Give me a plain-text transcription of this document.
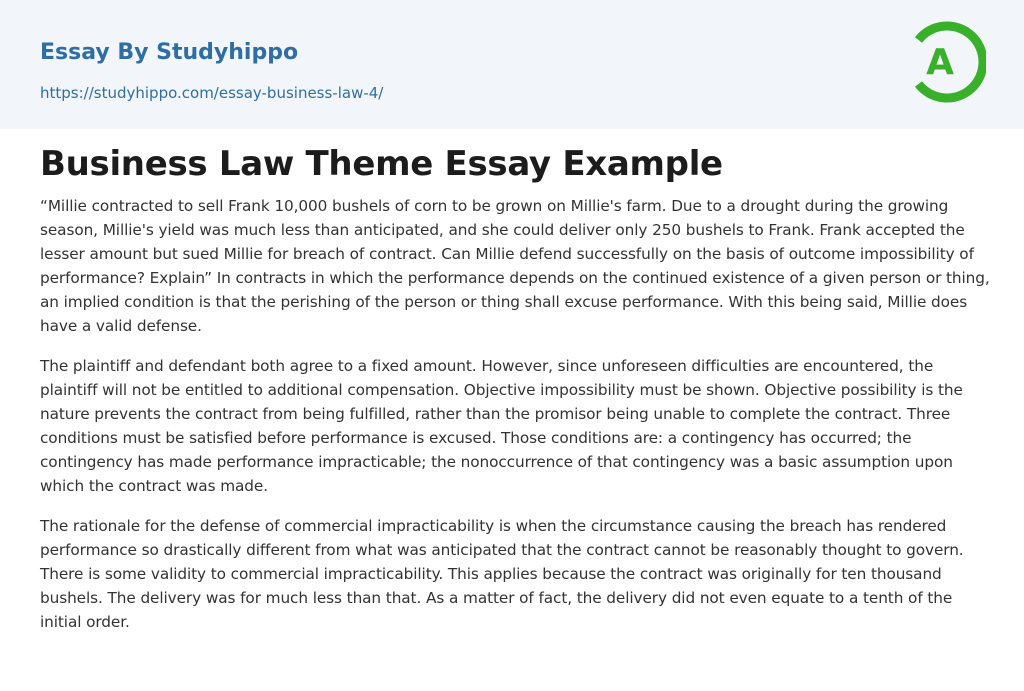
Essay By Studyhippo
https://studyhippo.com/essay-business-law-4/
A
Business Law Theme Essay Example

“Millie contracted to sell Frank 10,000 bushels of corn to be grown on Millie's farm. Due to a drought during the growing season, Millie's yield was much less than anticipated, and she could deliver only 250 bushels to Frank. Frank accepted the lesser amount but sued Millie for breach of contract. Can Millie defend successfully on the basis of outcome impossibility of performance? Explain” In contracts in which the performance depends on the continued existence of a given person or thing, an implied condition is that the perishing of the person or thing shall excuse performance. With this being said, Millie does have a valid defense.

The plaintiff and defendant both agree to a fixed amount. However, since unforeseen difficulties are encountered, the plaintiff will not be entitled to additional compensation. Objective impossibility must be shown. Objective possibility is the nature prevents the contract from being fulfilled, rather than the promisor being unable to complete the contract. Three conditions must be satisfied before performance is excused. Those conditions are: a contingency has occurred; the contingency has made performance impracticable; the nonoccurrence of that contingency was a basic assumption upon which the contract was made.

The rationale for the defense of commercial impracticability is when the circumstance causing the breach has rendered performance so drastically different from what was anticipated that the contract cannot be reasonably thought to govern. There is some validity to commercial impracticability. This applies because the contract was originally for ten thousand bushels. The delivery was for much less than that. As a matter of fact, the delivery did not even equate to a tenth of the initial order.
